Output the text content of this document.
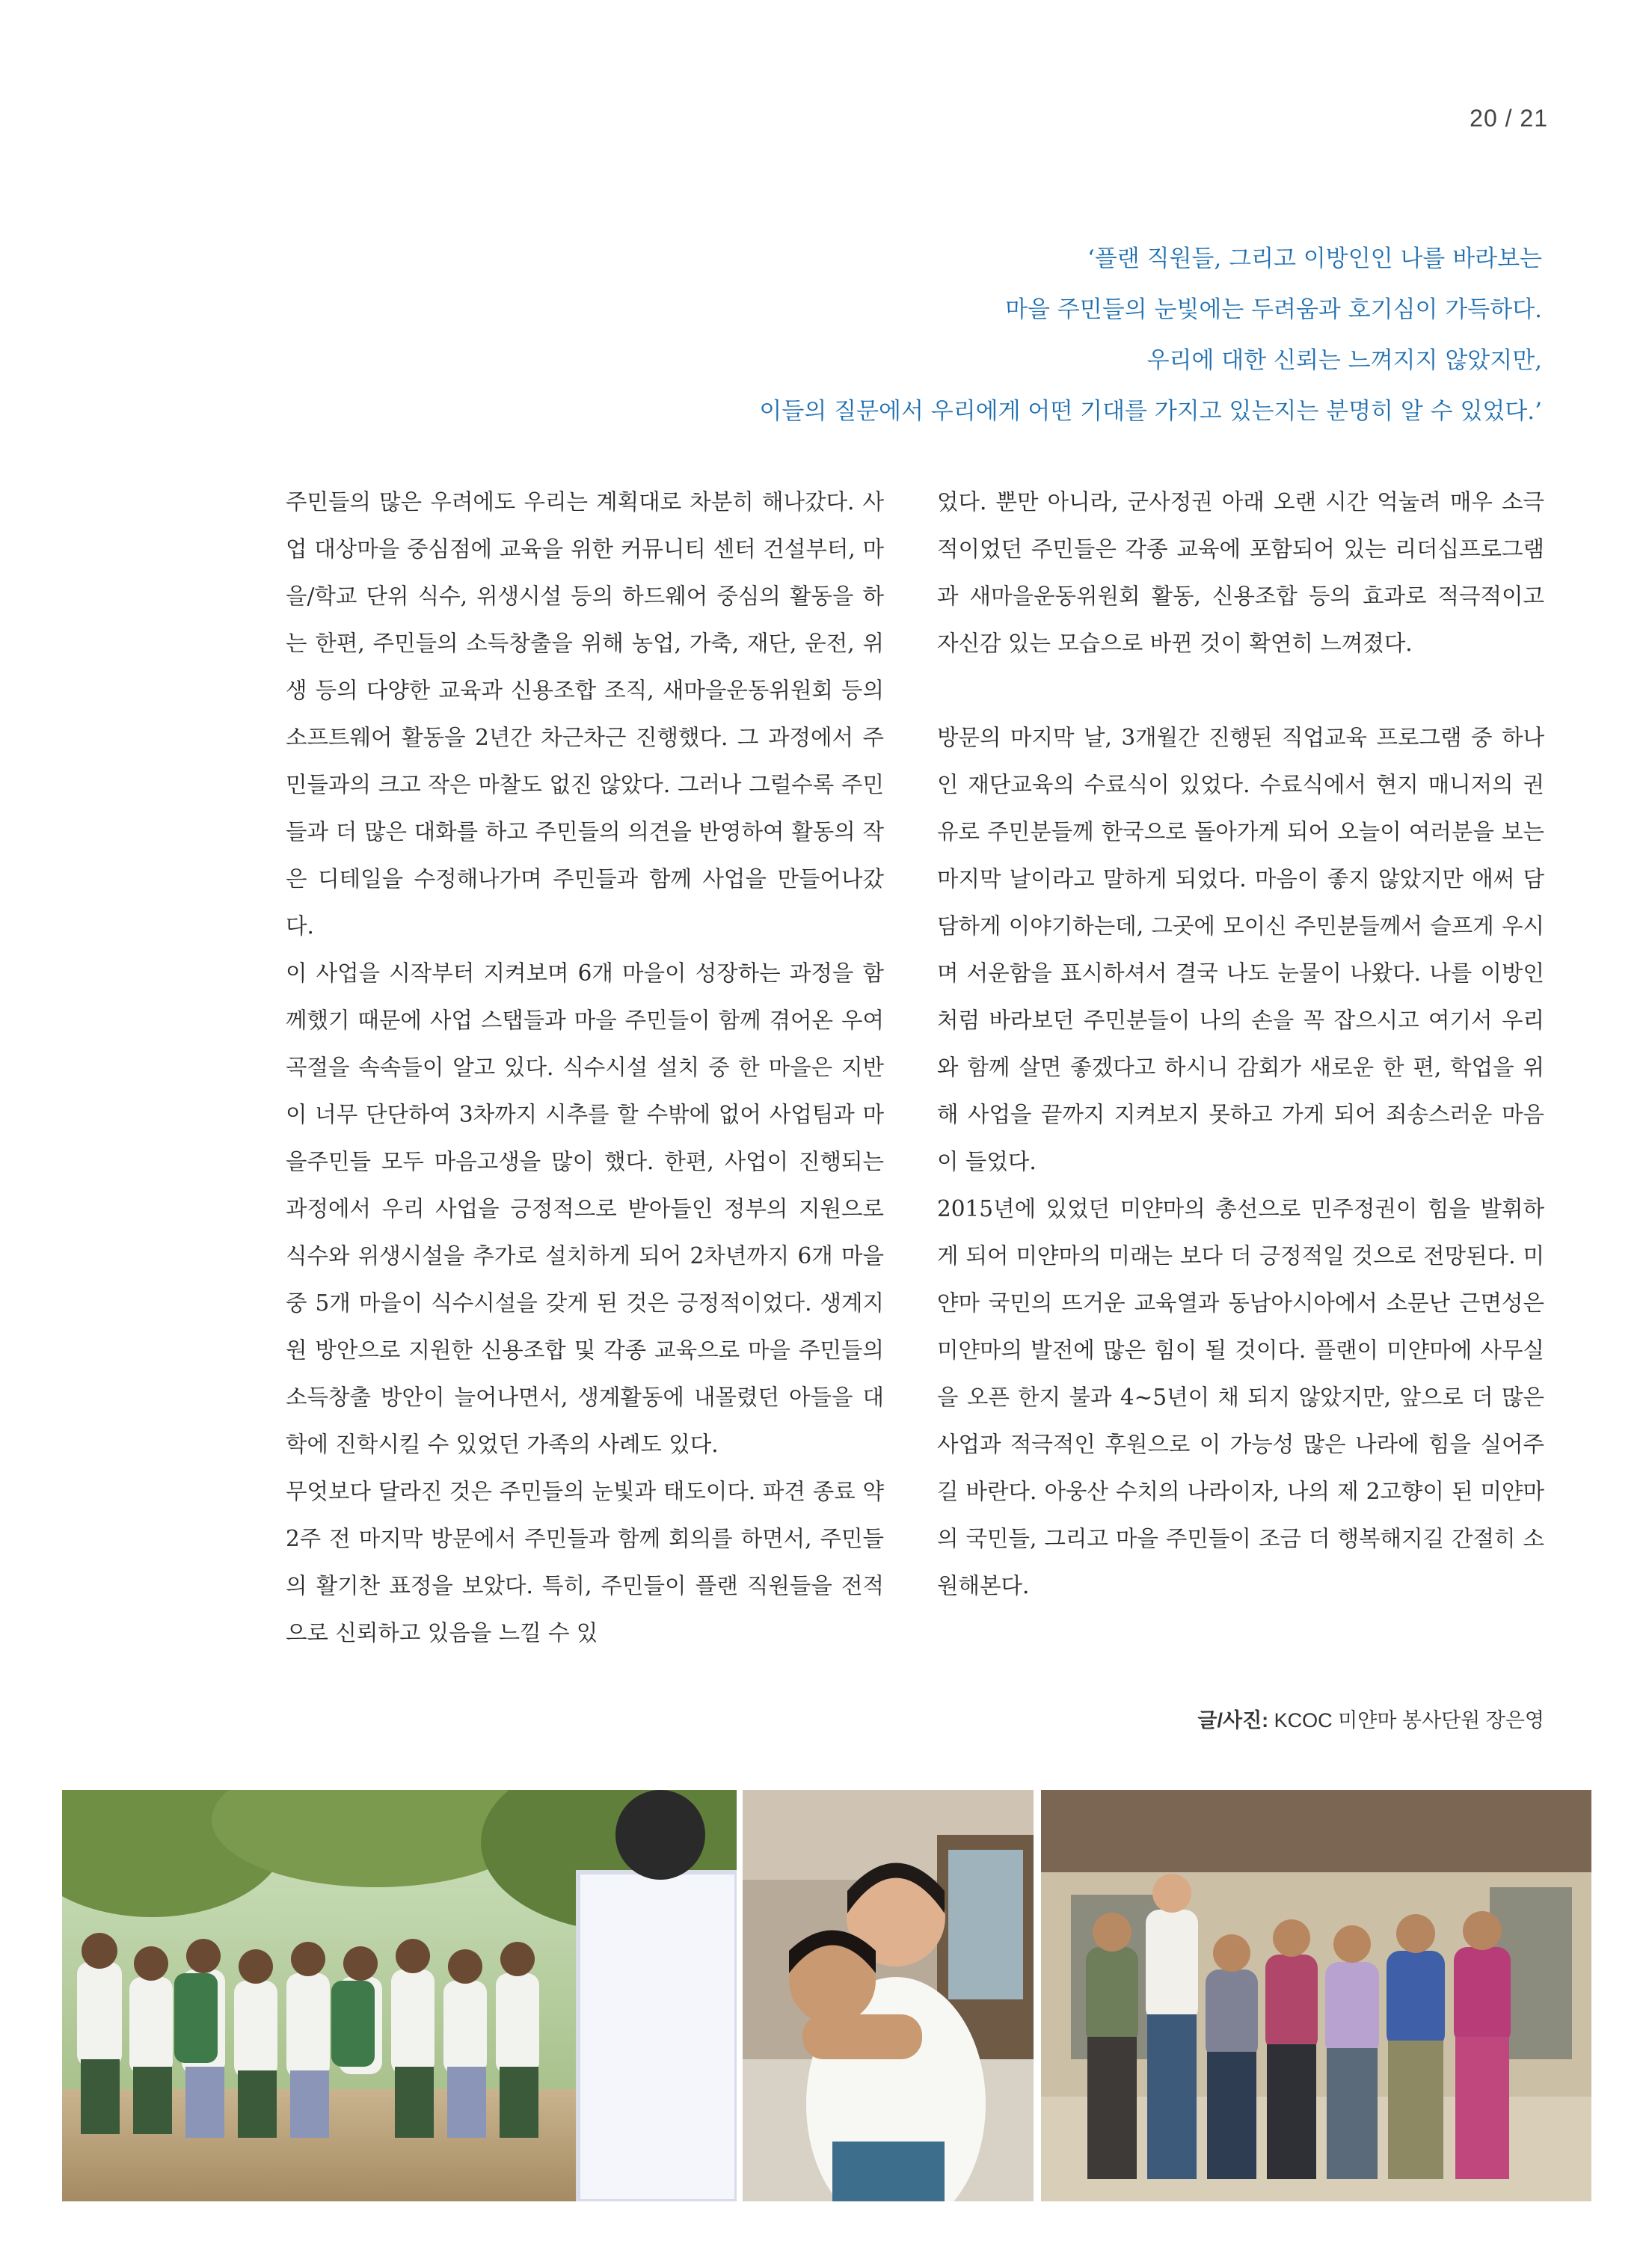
20 / 21
‘플랜 직원들, 그리고 이방인인 나를 바라보는
마을 주민들의 눈빛에는 두려움과 호기심이 가득하다.
우리에 대한 신뢰는 느껴지지 않았지만,
이들의 질문에서 우리에게 어떤 기대를 가지고 있는지는 분명히 알 수 있었다.’

주민들의 많은 우려에도 우리는 계획대로 차분히 해나갔다. 사업 대상마을 중심점에 교육을 위한 커뮤니티 센터 건설부터, 마을/학교 단위 식수, 위생시설 등의 하드웨어 중심의 활동을 하는 한편, 주민들의 소득창출을 위해 농업, 가축, 재단, 운전, 위생 등의 다양한 교육과 신용조합 조직, 새마을운동위원회 등의 소프트웨어 활동을 2년간 차근차근 진행했다. 그 과정에서 주민들과의 크고 작은 마찰도 없진 않았다. 그러나 그럴수록 주민들과 더 많은 대화를 하고 주민들의 의견을 반영하여 활동의 작은 디테일을 수정해나가며 주민들과 함께 사업을 만들어나갔다.

이 사업을 시작부터 지켜보며 6개 마을이 성장하는 과정을 함께했기 때문에 사업 스탭들과 마을 주민들이 함께 겪어온 우여곡절을 속속들이 알고 있다. 식수시설 설치 중 한 마을은 지반이 너무 단단하여 3차까지 시추를 할 수밖에 없어 사업팀과 마을주민들 모두 마음고생을 많이 했다. 한편, 사업이 진행되는 과정에서 우리 사업을 긍정적으로 받아들인 정부의 지원으로 식수와 위생시설을 추가로 설치하게 되어 2차년까지 6개 마을 중 5개 마을이 식수시설을 갖게 된 것은 긍정적이었다. 생계지원 방안으로 지원한 신용조합 및 각종 교육으로 마을 주민들의 소득창출 방안이 늘어나면서, 생계활동에 내몰렸던 아들을 대학에 진학시킬 수 있었던 가족의 사례도 있다.

무엇보다 달라진 것은 주민들의 눈빛과 태도이다. 파견 종료 약 2주 전 마지막 방문에서 주민들과 함께 회의를 하면서, 주민들의 활기찬 표정을 보았다. 특히, 주민들이 플랜 직원들을 전적으로 신뢰하고 있음을 느낄 수 있

었다. 뿐만 아니라, 군사정권 아래 오랜 시간 억눌려 매우 소극적이었던 주민들은 각종 교육에 포함되어 있는 리더십프로그램과 새마을운동위원회 활동, 신용조합 등의 효과로 적극적이고 자신감 있는 모습으로 바뀐 것이 확연히 느껴졌다.

방문의 마지막 날, 3개월간 진행된 직업교육 프로그램 중 하나인 재단교육의 수료식이 있었다. 수료식에서 현지 매니저의 권유로 주민분들께 한국으로 돌아가게 되어 오늘이 여러분을 보는 마지막 날이라고 말하게 되었다. 마음이 좋지 않았지만 애써 담담하게 이야기하는데, 그곳에 모이신 주민분들께서 슬프게 우시며 서운함을 표시하셔서 결국 나도 눈물이 나왔다. 나를 이방인처럼 바라보던 주민분들이 나의 손을 꼭 잡으시고 여기서 우리와 함께 살면 좋겠다고 하시니 감회가 새로운 한 편, 학업을 위해 사업을 끝까지 지켜보지 못하고 가게 되어 죄송스러운 마음이 들었다.

2015년에 있었던 미얀마의 총선으로 민주정권이 힘을 발휘하게 되어 미얀마의 미래는 보다 더 긍정적일 것으로 전망된다. 미얀마 국민의 뜨거운 교육열과 동남아시아에서 소문난 근면성은 미얀마의 발전에 많은 힘이 될 것이다. 플랜이 미얀마에 사무실을 오픈 한지 불과 4~5년이 채 되지 않았지만, 앞으로 더 많은 사업과 적극적인 후원으로 이 가능성 많은 나라에 힘을 실어주길 바란다. 아웅산 수치의 나라이자, 나의 제 2고향이 된 미얀마의 국민들, 그리고 마을 주민들이 조금 더 행복해지길 간절히 소원해본다.

글/사진: KCOC 미얀마 봉사단원 장은영
